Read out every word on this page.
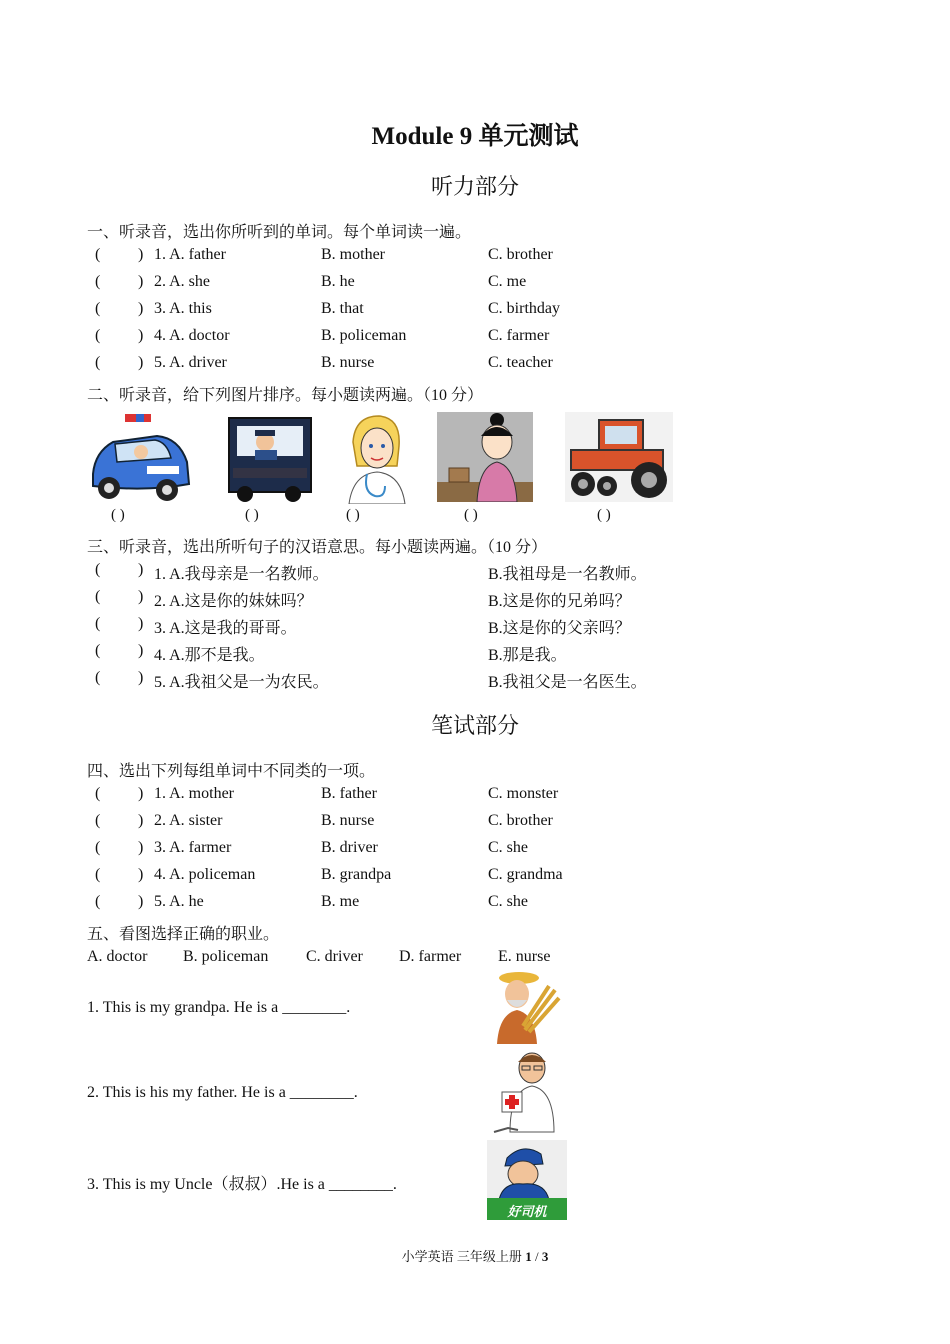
Module 9 单元测试
听力部分
一、听录音，选出你所听到的单词。每个单词读一遍。
( ) 1. A. father	B. mother	C. brother
( ) 2. A. she	B. he	C. me
( ) 3. A. this	B. that	C. birthday
( ) 4. A. doctor	B. policeman	C. farmer
( ) 5. A. driver	B. nurse	C. teacher
二、听录音，给下列图片排序。每小题读两遍。（10 分）
( )	( )	( )	( )	( )
三、听录音，选出所听句子的汉语意思。每小题读两遍。（10 分）
( ) 1. A.我母亲是一名教师。	B.我祖母是一名教师。
( ) 2. A.这是你的妹妹吗？	B.这是你的兄弟吗？
( ) 3. A.这是我的哥哥。	B.这是你的父亲吗？
( ) 4. A.那不是我。	B.那是我。
( ) 5. A.我祖父是一为农民。	B.我祖父是一名医生。
笔试部分
四、选出下列每组单词中不同类的一项。
( ) 1. A. mother	B. father	C. monster
( ) 2. A. sister	B. nurse	C. brother
( ) 3. A. farmer	B. driver	C. she
( ) 4. A. policeman	B. grandpa	C. grandma
( ) 5. A. he	B. me	C. she
五、看图选择正确的职业。
A. doctor B. policeman C. driver D. farmer E. nurse
1. This is my grandpa. He is a ________.
2. This is his my father. He is a ________.
3. This is my Uncle（叔叔）.He is a ________.
好司机
小学英语 三年级上册 1 / 3
